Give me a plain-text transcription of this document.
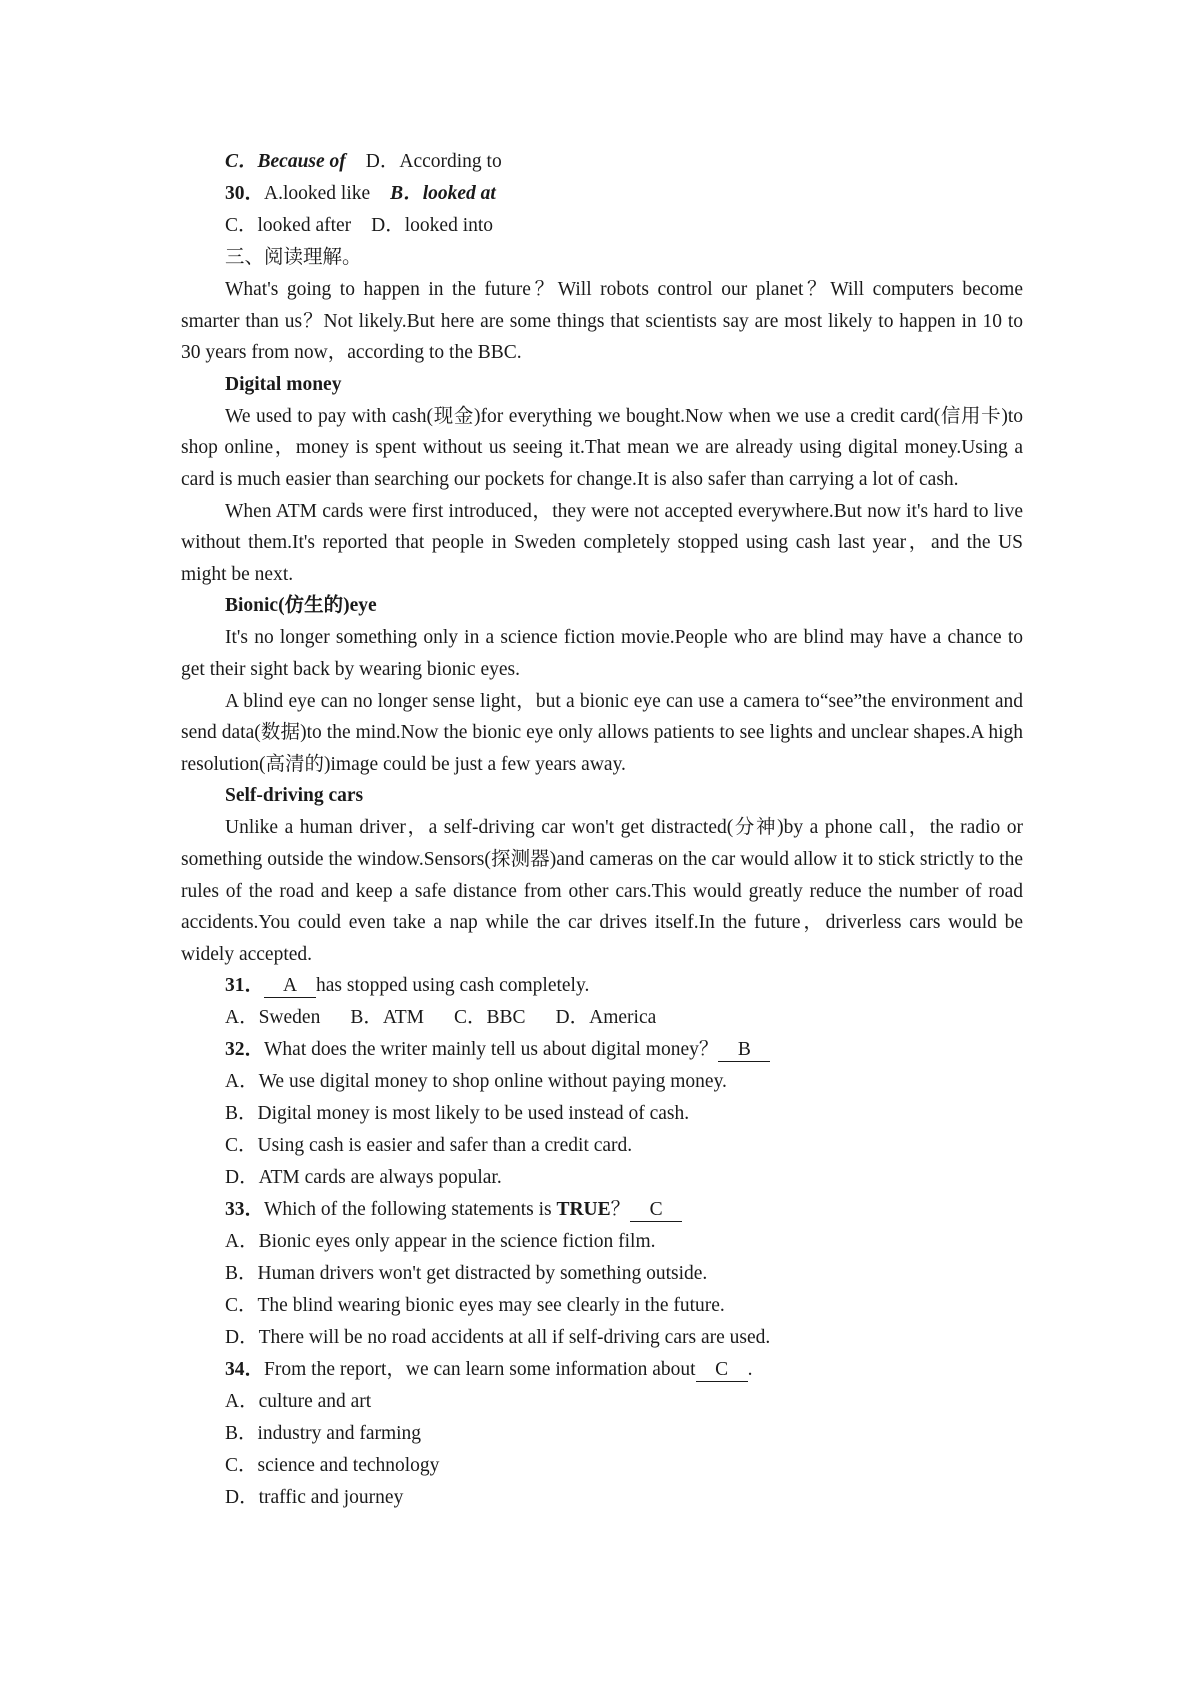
C．Because of D．According to
30．A.looked like B．looked at
C．looked after D．looked into
三、阅读理解。

What's going to happen in the future？Will robots control our planet？Will computers become smarter than us？Not likely.But here are some things that scientists say are most likely to happen in 10 to 30 years from now，according to the BBC.

Digital money

We used to pay with cash(现金)for everything we bought.Now when we use a credit card(信用卡)to shop online，money is spent without us seeing it.That mean we are already using digital money.Using a card is much easier than searching our pockets for change.It is also safer than carrying a lot of cash.

When ATM cards were first introduced，they were not accepted everywhere.But now it's hard to live without them.It's reported that people in Sweden completely stopped using cash last year，and the US might be next.

Bionic(仿生的)eye

It's no longer something only in a science fiction movie.People who are blind may have a chance to get their sight back by wearing bionic eyes.

A blind eye can no longer sense light，but a bionic eye can use a camera to“see”the environment and send data(数据)to the mind.Now the bionic eye only allows patients to see lights and unclear shapes.A high resolution(高清的)image could be just a few years away.

Self-driving cars

Unlike a human driver，a self-driving car won't get distracted(分神)by a phone call，the radio or something outside the window.Sensors(探测器)and cameras on the car would allow it to stick strictly to the rules of the road and keep a safe distance from other cars.This would greatly reduce the number of road accidents.You could even take a nap while the car drives itself.In the future，driverless cars would be widely accepted.

31． A has stopped using cash completely.
A．Sweden B．ATM C．BBC D．America
32．What does the writer mainly tell us about digital money？ B
A．We use digital money to shop online without paying money.
B．Digital money is most likely to be used instead of cash.
C．Using cash is easier and safer than a credit card.
D．ATM cards are always popular.
33．Which of the following statements is TRUE？ C
A．Bionic eyes only appear in the science fiction film.
B．Human drivers won't get distracted by something outside.
C．The blind wearing bionic eyes may see clearly in the future.
D．There will be no road accidents at all if self-driving cars are used.
34．From the report，we can learn some information about C .
A．culture and art
B．industry and farming
C．science and technology
D．traffic and journey
